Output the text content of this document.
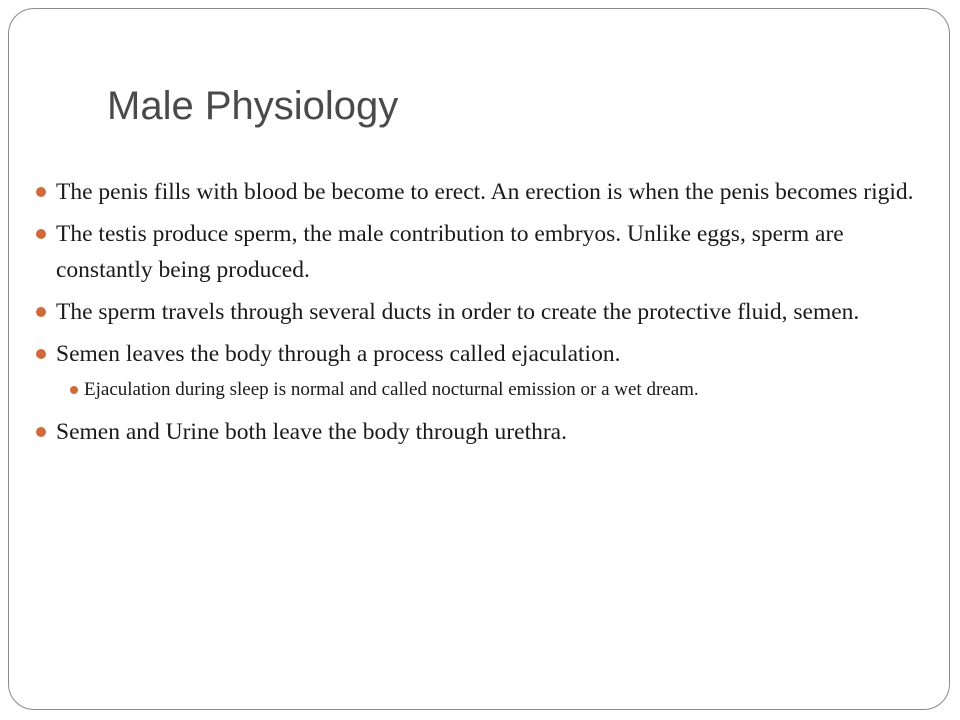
Male Physiology
The penis fills with blood be become to erect. An erection is when the penis becomes rigid.
The testis produce sperm, the male contribution to embryos. Unlike eggs, sperm are constantly being produced.
The sperm travels through several ducts in order to create the protective fluid, semen.
Semen leaves the body through a process called ejaculation.
Ejaculation during sleep is normal and called nocturnal emission or a wet dream.
Semen and Urine both leave the body through urethra.
